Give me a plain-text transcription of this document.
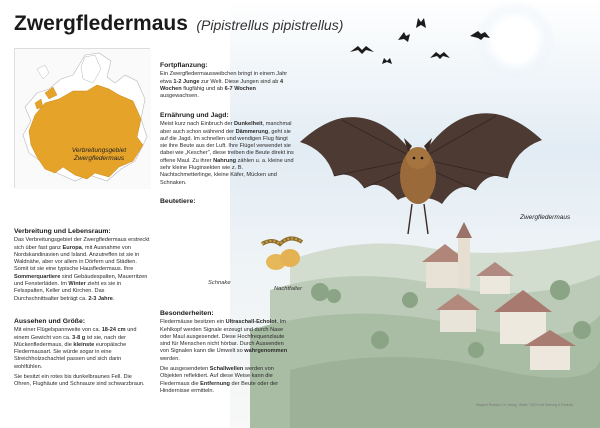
Zwergfledermaus (Pipistrellus pipistrellus)
Verbreitungsgebiet
Zwergfledermaus
Fortpflanzung:

Ein Zwergfledermausweibchen bringt in einem Jahr etwa 1-2 Junge zur Welt. Diese Jungen sind ab 4 Wochen flugfähig und ab 6-7 Wochen ausgewachsen.

Ernährung und Jagd:

Meist kurz nach Einbruch der Dunkelheit, manchmal aber auch schon während der Dämmerung, geht sie auf die Jagd. Im schnellen und wendigen Flug fängt sie ihre Beute aus der Luft. Ihre Flügel verwendet sie dabei wie „Kescher", diese treiben die Beute direkt ins offene Maul. Zu ihrer Nahrung zählen u. a. kleine und sehr kleine Fluginsekten wie z. B. Nachtschmetterlinge, kleine Käfer, Mücken und Schnaken.

Beutetiere:
Besonderheiten:

Fledermäuse besitzen ein Ultraschall-Echolot. Im Kehlkopf werden Signale erzeugt und durch Nase oder Maul ausgesendet. Diese Hochfrequenzlaute sind für Menschen nicht hörbar. Durch Aussenden von Signalen kann die Umwelt so wahrgenommen werden.

Die ausgesendeten Schallwellen werden von Objekten reflektiert. Auf diese Weise kann die Fledermaus die Entfernung der Beute oder der Hindernisse ermitteln.

Verbreitung und Lebensraum:

Das Verbreitungsgebiet der Zwergfledermaus erstreckt sich über fast ganz Europa, mit Ausnahme von Nordskandinavien und Island. Anzutreffen ist sie in Waldnähe, aber vor allem in Dörfern und Städten. Somit ist sie eine typische Hausfledermaus. Ihre Sommerquartiere sind Gebäudespalten, Mauerritzen und Fensterläden. Im Winter zieht es sie in Felsspalten, Keller und Kirchen. Das Durchschnittsalter beträgt ca. 2-3 Jahre.

Aussehen und Größe:

Mit einer Flügelspannweite von ca. 18-24 cm und einem Gewicht von ca. 3-8 g ist sie, nach der Mückenfledermaus, die kleinste europäische Fledermausart. Sie würde sogar in eine Streichholzschachtel passen und sich darin wohlfühlen.

Sie besitzt ein rotes bis dunkelbraunes Fell. Die Ohren, Flughäute und Schnauze sind schwarzbraun.

Zwergfledermaus
Schnake
Nachtfalter
Siegbert Rudolph, Gr. Verlag · Bilder: OGDV mit Ordnung & Publizist
